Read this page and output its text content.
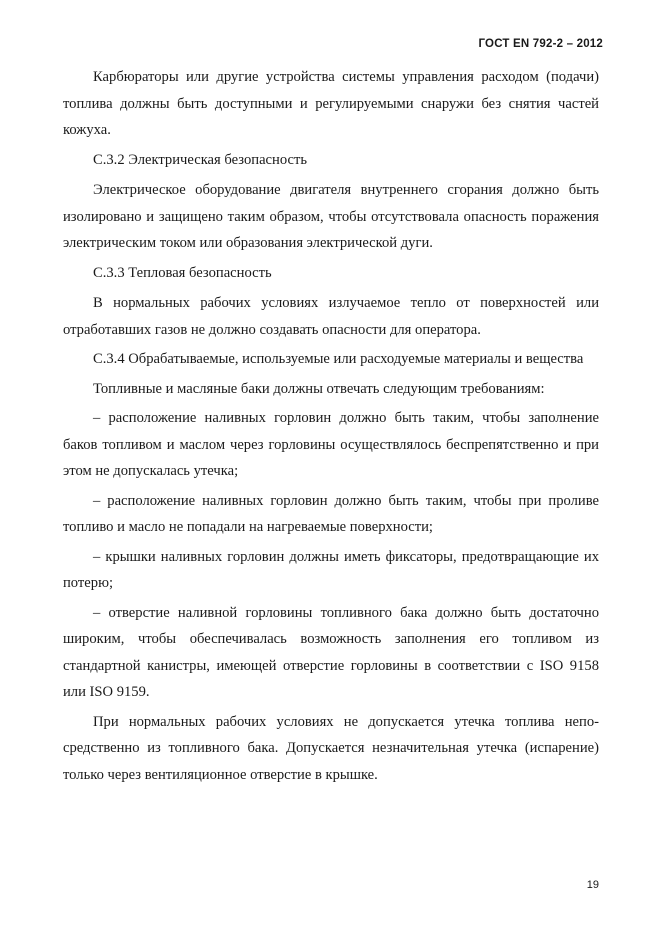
ГОСТ EN 792-2 – 2012

Карбюраторы или другие устройства системы управления расходом (подачи) топлива должны быть доступными и регулируемыми снаружи без снятия частей кожуха.

C.3.2 Электрическая безопасность

Электрическое оборудование двигателя внутреннего сгорания должно быть изолировано и защищено таким образом, чтобы отсутствовала опасность поражения электрическим током или образования электрической дуги.

C.3.3 Тепловая безопасность

В нормальных рабочих условиях излучаемое тепло от поверхностей или отработавших газов не должно создавать опасности для оператора.

C.3.4 Обрабатываемые, используемые или расходуемые материалы и вещества

Топливные и масляные баки должны отвечать следующим требованиям:

– расположение наливных горловин должно быть таким, чтобы заполнение баков топливом и маслом через горловины осуществлялось беспрепятственно и при этом не допускалась утечка;

– расположение наливных горловин должно быть таким, чтобы при проливе топливо и масло не попадали на нагреваемые поверхности;

– крышки наливных горловин должны иметь фиксаторы, предотвращающие их потерю;

– отверстие наливной горловины топливного бака должно быть достаточно широким, чтобы обеспечивалась возможность заполнения его топливом из стандартной канистры, имеющей отверстие горловины в соответствии с ISO 9158 или ISO 9159.

При нормальных рабочих условиях не допускается утечка топлива непосредственно из топливного бака. Допускается незначительная утечка (испарение) только через вентиляционное отверстие в крышке.

19
